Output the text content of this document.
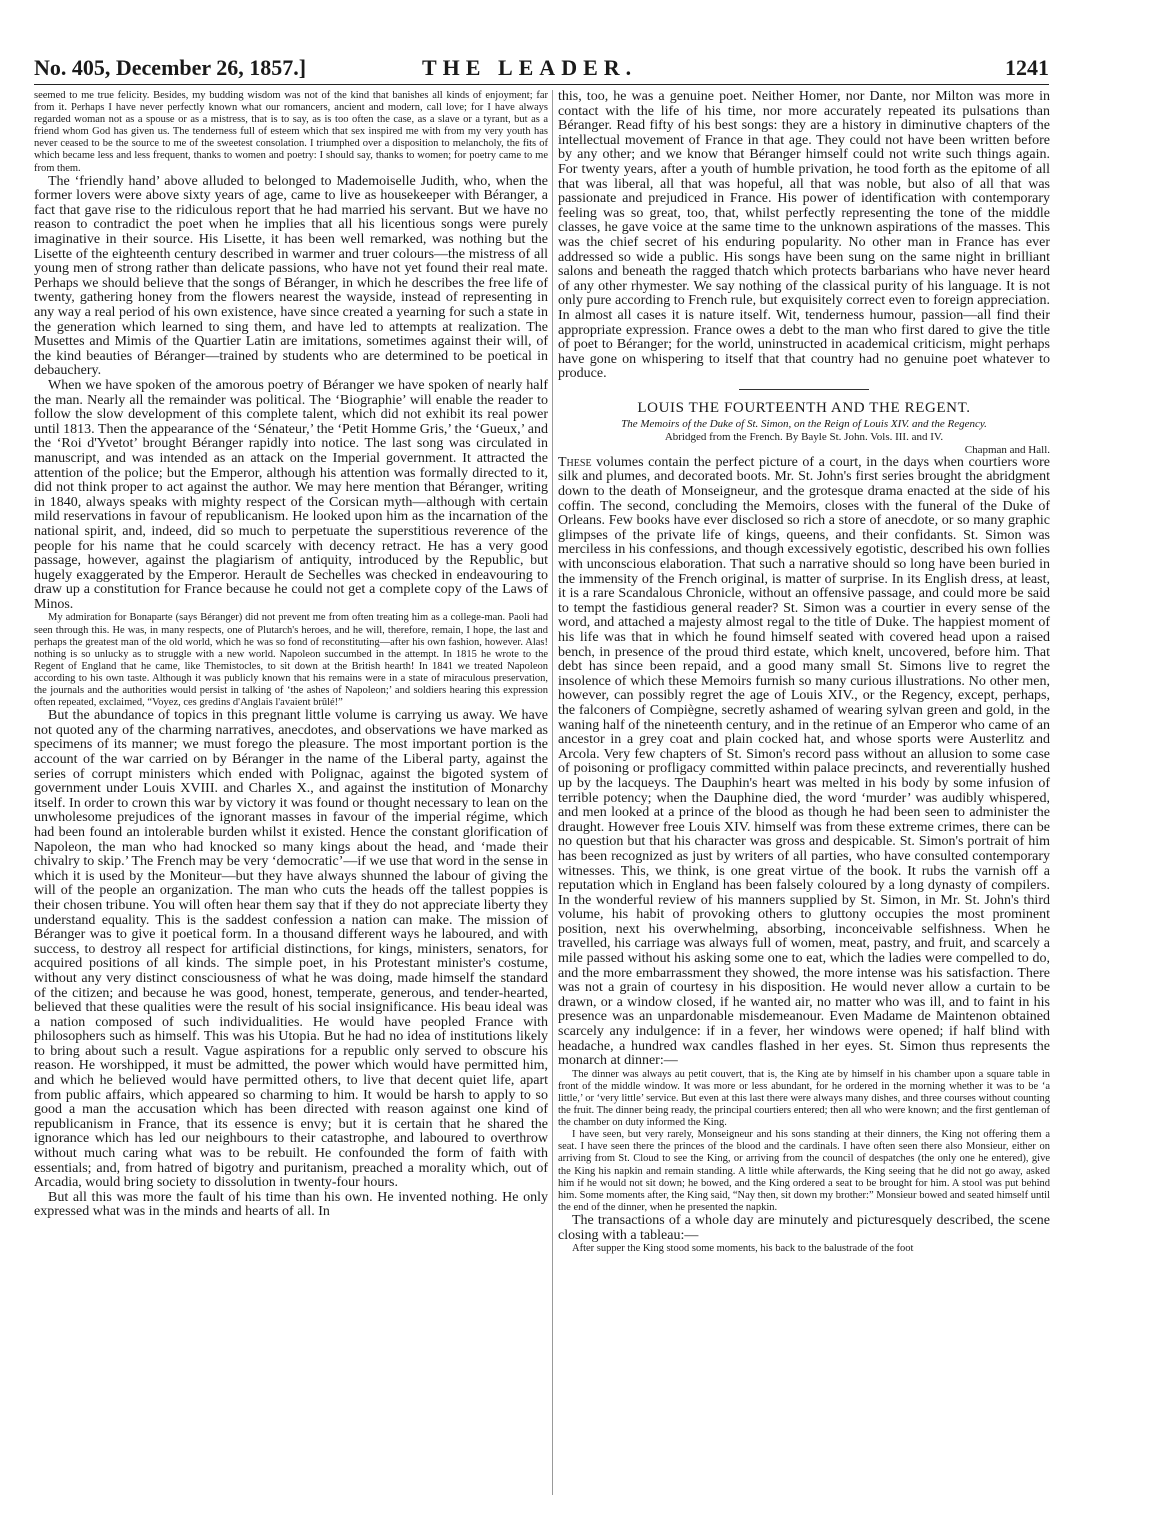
No. 405, December 26, 1857.]	THE LEADER.	1241

seemed to me true felicity. Besides, my budding wisdom was not of the kind that banishes all kinds of enjoyment; far from it. Perhaps I have never perfectly known what our romancers, ancient and modern, call love; for I have always regarded woman not as a spouse or as a mistress, that is to say, as is too often the case, as a slave or a tyrant, but as a friend whom God has given us. The tenderness full of esteem which that sex inspired me with from my very youth has never ceased to be the source to me of the sweetest consolation. I triumphed over a disposition to melancholy, the fits of which became less and less frequent, thanks to women and poetry: I should say, thanks to women; for poetry came to me from them.

The ‘friendly hand’ above alluded to belonged to Mademoiselle Judith, who, when the former lovers were above sixty years of age, came to live as housekeeper with Béranger, a fact that gave rise to the ridiculous report that he had married his servant. But we have no reason to contradict the poet when he implies that all his licentious songs were purely imaginative in their source. His Lisette, it has been well remarked, was nothing but the Lisette of the eighteenth century described in warmer and truer colours—the mistress of all young men of strong rather than delicate passions, who have not yet found their real mate. Perhaps we should believe that the songs of Béranger, in which he describes the free life of twenty, gathering honey from the flowers nearest the wayside, instead of representing in any way a real period of his own existence, have since created a yearning for such a state in the generation which learned to sing them, and have led to attempts at realization. The Musettes and Mimis of the Quartier Latin are imitations, sometimes against their will, of the kind beauties of Béranger—trained by students who are determined to be poetical in debauchery.

When we have spoken of the amorous poetry of Béranger we have spoken of nearly half the man. Nearly all the remainder was political. The ‘Biographie’ will enable the reader to follow the slow development of this complete talent, which did not exhibit its real power until 1813. Then the appearance of the ‘Sénateur,’ the ‘Petit Homme Gris,’ the ‘Gueux,’ and the ‘Roi d'Yvetot’ brought Béranger rapidly into notice. The last song was circulated in manuscript, and was intended as an attack on the Imperial government. It attracted the attention of the police; but the Emperor, although his attention was formally directed to it, did not think proper to act against the author. We may here mention that Béranger, writing in 1840, always speaks with mighty respect of the Corsican myth—although with certain mild reservations in favour of republicanism. He looked upon him as the incarnation of the national spirit, and, indeed, did so much to perpetuate the superstitious reverence of the people for his name that he could scarcely with decency retract. He has a very good passage, however, against the plagiarism of antiquity, introduced by the Republic, but hugely exaggerated by the Emperor. Herault de Sechelles was checked in endeavouring to draw up a constitution for France because he could not get a complete copy of the Laws of Minos.

My admiration for Bonaparte (says Béranger) did not prevent me from often treating him as a college-man. Paoli had seen through this. He was, in many respects, one of Plutarch's heroes, and he will, therefore, remain, I hope, the last and perhaps the greatest man of the old world, which he was so fond of reconstituting—after his own fashion, however. Alas! nothing is so unlucky as to struggle with a new world. Napoleon succumbed in the attempt. In 1815 he wrote to the Regent of England that he came, like Themistocles, to sit down at the British hearth! In 1841 we treated Napoleon according to his own taste. Although it was publicly known that his remains were in a state of miraculous preservation, the journals and the authorities would persist in talking of ‘the ashes of Napoleon;’ and soldiers hearing this expression often repeated, exclaimed, “Voyez, ces gredins d'Anglais l'avaient brûlé!”

But the abundance of topics in this pregnant little volume is carrying us away. We have not quoted any of the charming narratives, anecdotes, and observations we have marked as specimens of its manner; we must forego the pleasure. The most important portion is the account of the war carried on by Béranger in the name of the Liberal party, against the series of corrupt ministers which ended with Polignac, against the bigoted system of government under Louis XVIII. and Charles X., and against the institution of Monarchy itself. In order to crown this war by victory it was found or thought necessary to lean on the unwholesome prejudices of the ignorant masses in favour of the imperial régime, which had been found an intolerable burden whilst it existed. Hence the constant glorification of Napoleon, the man who had knocked so many kings about the head, and ‘made their chivalry to skip.’ The French may be very ‘democratic’—if we use that word in the sense in which it is used by the Moniteur—but they have always shunned the labour of giving the will of the people an organization. The man who cuts the heads off the tallest poppies is their chosen tribune. You will often hear them say that if they do not appreciate liberty they understand equality. This is the saddest confession a nation can make. The mission of Béranger was to give it poetical form. In a thousand different ways he laboured, and with success, to destroy all respect for artificial distinctions, for kings, ministers, senators, for acquired positions of all kinds. The simple poet, in his Protestant minister's costume, without any very distinct consciousness of what he was doing, made himself the standard of the citizen; and because he was good, honest, temperate, generous, and tender-hearted, believed that these qualities were the result of his social insignificance. His beau ideal was a nation composed of such individualities. He would have peopled France with philosophers such as himself. This was his Utopia. But he had no idea of institutions likely to bring about such a result. Vague aspirations for a republic only served to obscure his reason. He worshipped, it must be admitted, the power which would have permitted him, and which he believed would have permitted others, to live that decent quiet life, apart from public affairs, which appeared so charming to him. It would be harsh to apply to so good a man the accusation which has been directed with reason against one kind of republicanism in France, that its essence is envy; but it is certain that he shared the ignorance which has led our neighbours to their catastrophe, and laboured to overthrow without much caring what was to be rebuilt. He confounded the form of faith with essentials; and, from hatred of bigotry and puritanism, preached a morality which, out of Arcadia, would bring society to dissolution in twenty-four hours.

But all this was more the fault of his time than his own. He invented nothing. He only expressed what was in the minds and hearts of all. In

this, too, he was a genuine poet. Neither Homer, nor Dante, nor Milton was more in contact with the life of his time, nor more accurately repeated its pulsations than Béranger. Read fifty of his best songs: they are a history in diminutive chapters of the intellectual movement of France in that age. They could not have been written before by any other; and we know that Béranger himself could not write such things again. For twenty years, after a youth of humble privation, he tood forth as the epitome of all that was liberal, all that was hopeful, all that was noble, but also of all that was passionate and prejudiced in France. His power of identification with contemporary feeling was so great, too, that, whilst perfectly representing the tone of the middle classes, he gave voice at the same time to the unknown aspirations of the masses. This was the chief secret of his enduring popularity. No other man in France has ever addressed so wide a public. His songs have been sung on the same night in brilliant salons and beneath the ragged thatch which protects barbarians who have never heard of any other rhymester. We say nothing of the classical purity of his language. It is not only pure according to French rule, but exquisitely correct even to foreign appreciation. In almost all cases it is nature itself. Wit, tenderness humour, passion—all find their appropriate expression. France owes a debt to the man who first dared to give the title of poet to Béranger; for the world, uninstructed in academical criticism, might perhaps have gone on whispering to itself that that country had no genuine poet whatever to produce.

LOUIS THE FOURTEENTH AND THE REGENT.
The Memoirs of the Duke of St. Simon, on the Reign of Louis XIV. and the Regency.
Abridged from the French. By Bayle St. John. Vols. III. and IV.
Chapman and Hall.

These volumes contain the perfect picture of a court, in the days when courtiers wore silk and plumes, and decorated boots. Mr. St. John's first series brought the abridgment down to the death of Monseigneur, and the grotesque drama enacted at the side of his coffin. The second, concluding the Memoirs, closes with the funeral of the Duke of Orleans. Few books have ever disclosed so rich a store of anecdote, or so many graphic glimpses of the private life of kings, queens, and their confidants. St. Simon was merciless in his confessions, and though excessively egotistic, described his own follies with unconscious elaboration. That such a narrative should so long have been buried in the immensity of the French original, is matter of surprise. In its English dress, at least, it is a rare Scandalous Chronicle, without an offensive passage, and could more be said to tempt the fastidious general reader? St. Simon was a courtier in every sense of the word, and attached a majesty almost regal to the title of Duke. The happiest moment of his life was that in which he found himself seated with covered head upon a raised bench, in presence of the proud third estate, which knelt, uncovered, before him. That debt has since been repaid, and a good many small St. Simons live to regret the insolence of which these Memoirs furnish so many curious illustrations. No other men, however, can possibly regret the age of Louis XIV., or the Regency, except, perhaps, the falconers of Compiègne, secretly ashamed of wearing sylvan green and gold, in the waning half of the nineteenth century, and in the retinue of an Emperor who came of an ancestor in a grey coat and plain cocked hat, and whose sports were Austerlitz and Arcola. Very few chapters of St. Simon's record pass without an allusion to some case of poisoning or profligacy committed within palace precincts, and reverentially hushed up by the lacqueys. The Dauphin's heart was melted in his body by some infusion of terrible potency; when the Dauphine died, the word ‘murder’ was audibly whispered, and men looked at a prince of the blood as though he had been seen to administer the draught. However free Louis XIV. himself was from these extreme crimes, there can be no question but that his character was gross and despicable. St. Simon's portrait of him has been recognized as just by writers of all parties, who have consulted contemporary witnesses. This, we think, is one great virtue of the book. It rubs the varnish off a reputation which in England has been falsely coloured by a long dynasty of compilers. In the wonderful review of his manners supplied by St. Simon, in Mr. St. John's third volume, his habit of provoking others to gluttony occupies the most prominent position, next his overwhelming, absorbing, inconceivable selfishness. When he travelled, his carriage was always full of women, meat, pastry, and fruit, and scarcely a mile passed without his asking some one to eat, which the ladies were compelled to do, and the more embarrassment they showed, the more intense was his satisfaction. There was not a grain of courtesy in his disposition. He would never allow a curtain to be drawn, or a window closed, if he wanted air, no matter who was ill, and to faint in his presence was an unpardonable misdemeanour. Even Madame de Maintenon obtained scarcely any indulgence: if in a fever, her windows were opened; if half blind with headache, a hundred wax candles flashed in her eyes. St. Simon thus represents the monarch at dinner:—

The dinner was always au petit couvert, that is, the King ate by himself in his chamber upon a square table in front of the middle window. It was more or less abundant, for he ordered in the morning whether it was to be ‘a little,’ or ‘very little’ service. But even at this last there were always many dishes, and three courses without counting the fruit. The dinner being ready, the principal courtiers entered; then all who were known; and the first gentleman of the chamber on duty informed the King.

I have seen, but very rarely, Monseigneur and his sons standing at their dinners, the King not offering them a seat. I have seen there the princes of the blood and the cardinals. I have often seen there also Monsieur, either on arriving from St. Cloud to see the King, or arriving from the council of despatches (the only one he entered), give the King his napkin and remain standing. A little while afterwards, the King seeing that he did not go away, asked him if he would not sit down; he bowed, and the King ordered a seat to be brought for him. A stool was put behind him. Some moments after, the King said, “Nay then, sit down my brother:” Monsieur bowed and seated himself until the end of the dinner, when he presented the napkin.

The transactions of a whole day are minutely and picturesquely described, the scene closing with a tableau:—

After supper the King stood some moments, his back to the balustrade of the foot
